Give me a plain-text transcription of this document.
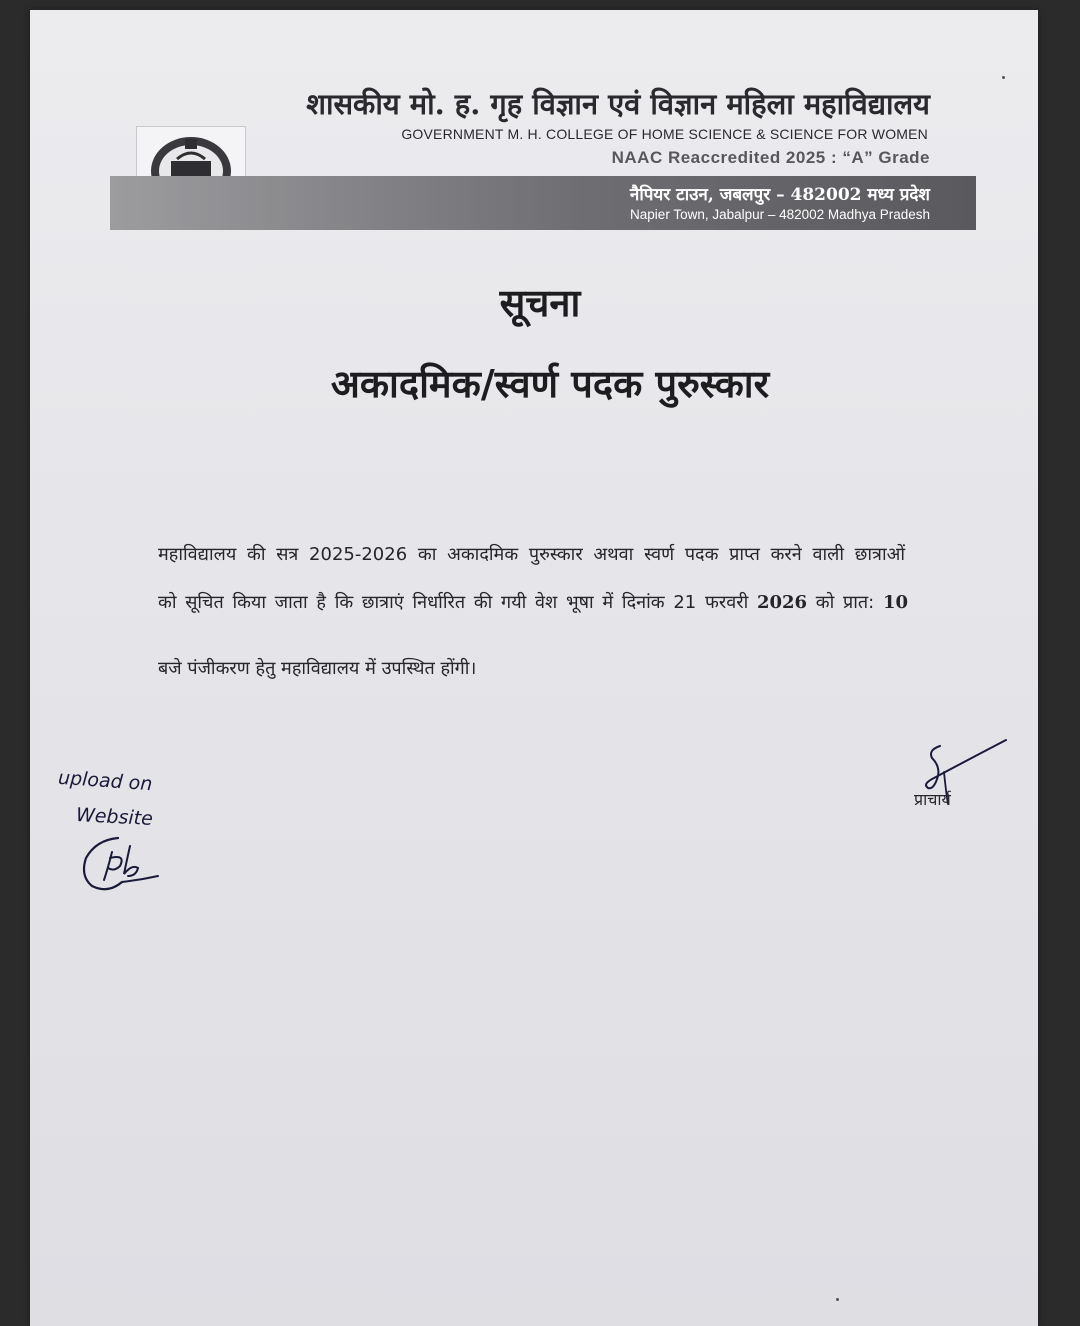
शासकीय मो. ह. गृह विज्ञान एवं विज्ञान महिला महाविद्यालय
GOVERNMENT M. H. COLLEGE OF HOME SCIENCE & SCIENCE FOR WOMEN
NAAC Reaccredited 2025 : “A” Grade
नैपियर टाउन, जबलपुर – 482002 मध्य प्रदेश
Napier Town, Jabalpur – 482002 Madhya Pradesh
सूचना
अकादमिक/स्वर्ण पदक पुरुस्कार
महाविद्यालय की सत्र 2025-2026 का अकादमिक पुरुस्कार अथवा स्वर्ण पदक प्राप्त करने वाली छात्राओं
को सूचित किया जाता है कि छात्राएं निर्धारित की गयी वेश भूषा में दिनांक 21 फरवरी 2026 को प्रात: 10
बजे पंजीकरण हेतु महाविद्यालय में उपस्थित होंगी।
प्राचार्य
upload on
Website
